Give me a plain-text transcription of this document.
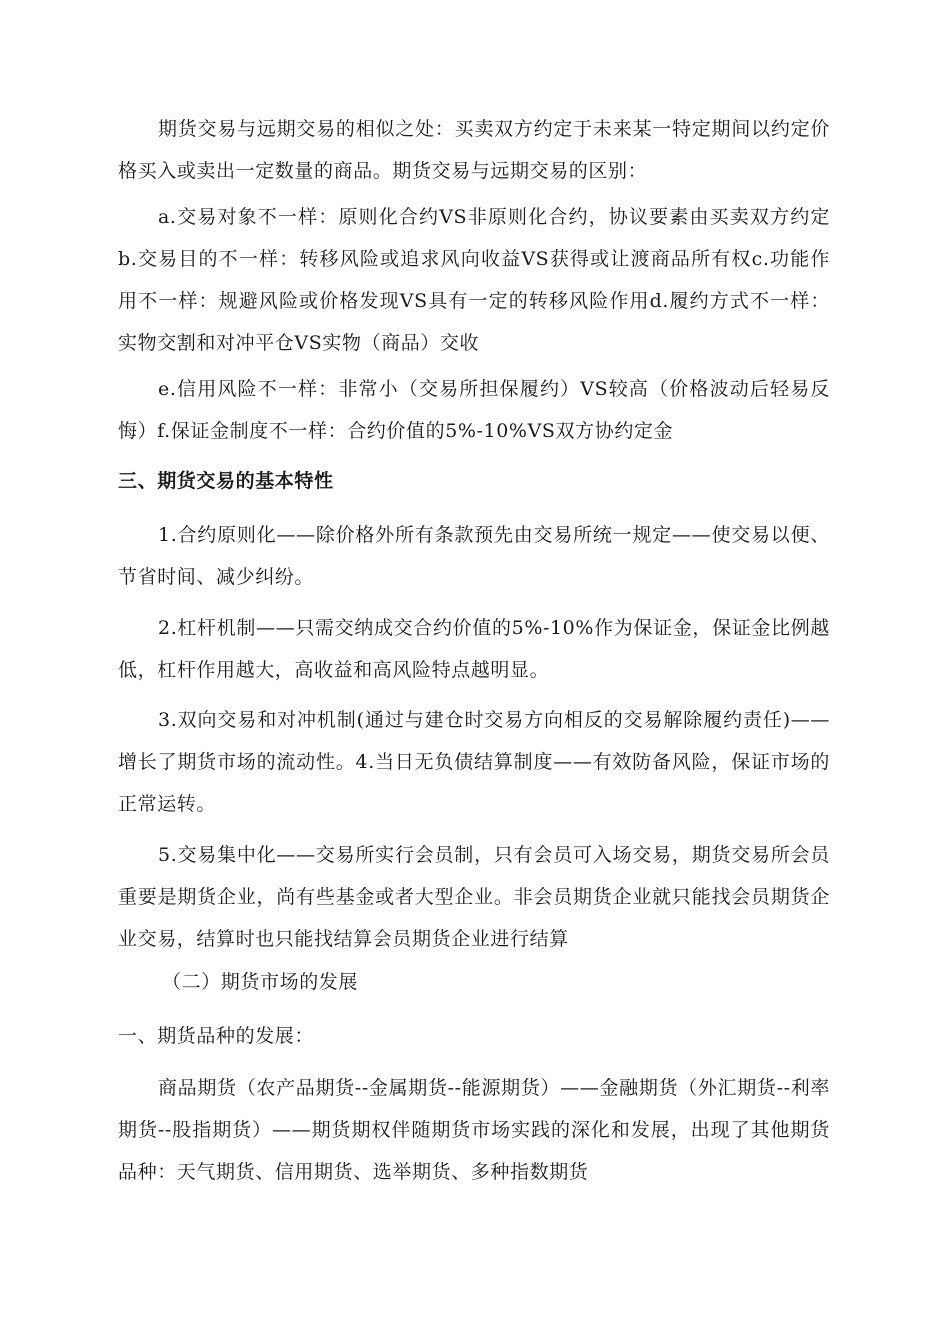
期货交易与远期交易的相似之处：买卖双方约定于未来某一特定期间以约定价格买入或卖出一定数量的商品。期货交易与远期交易的区别：

a.交易对象不一样：原则化合约VS非原则化合约，协议要素由买卖双方约定b.交易目的不一样：转移风险或追求风向收益VS获得或让渡商品所有权c.功能作用不一样：规避风险或价格发现VS具有一定的转移风险作用d.履约方式不一样：实物交割和对冲平仓VS实物（商品）交收

e.信用风险不一样：非常小（交易所担保履约）VS较高（价格波动后轻易反悔）f.保证金制度不一样：合约价值的5%-10%VS双方协约定金

三、期货交易的基本特性

1.合约原则化——除价格外所有条款预先由交易所统一规定——使交易以便、节省时间、减少纠纷。

2.杠杆机制——只需交纳成交合约价值的5%-10%作为保证金，保证金比例越低，杠杆作用越大，高收益和高风险特点越明显。

3.双向交易和对冲机制(通过与建仓时交易方向相反的交易解除履约责任)——增长了期货市场的流动性。4.当日无负债结算制度——有效防备风险，保证市场的正常运转。

5.交易集中化——交易所实行会员制，只有会员可入场交易，期货交易所会员重要是期货企业，尚有些基金或者大型企业。非会员期货企业就只能找会员期货企业交易，结算时也只能找结算会员期货企业进行结算

（二）期货市场的发展

一、期货品种的发展：

商品期货（农产品期货--金属期货--能源期货）——金融期货（外汇期货--利率期货--股指期货）——期货期权伴随期货市场实践的深化和发展，出现了其他期货品种：天气期货、信用期货、选举期货、多种指数期货
